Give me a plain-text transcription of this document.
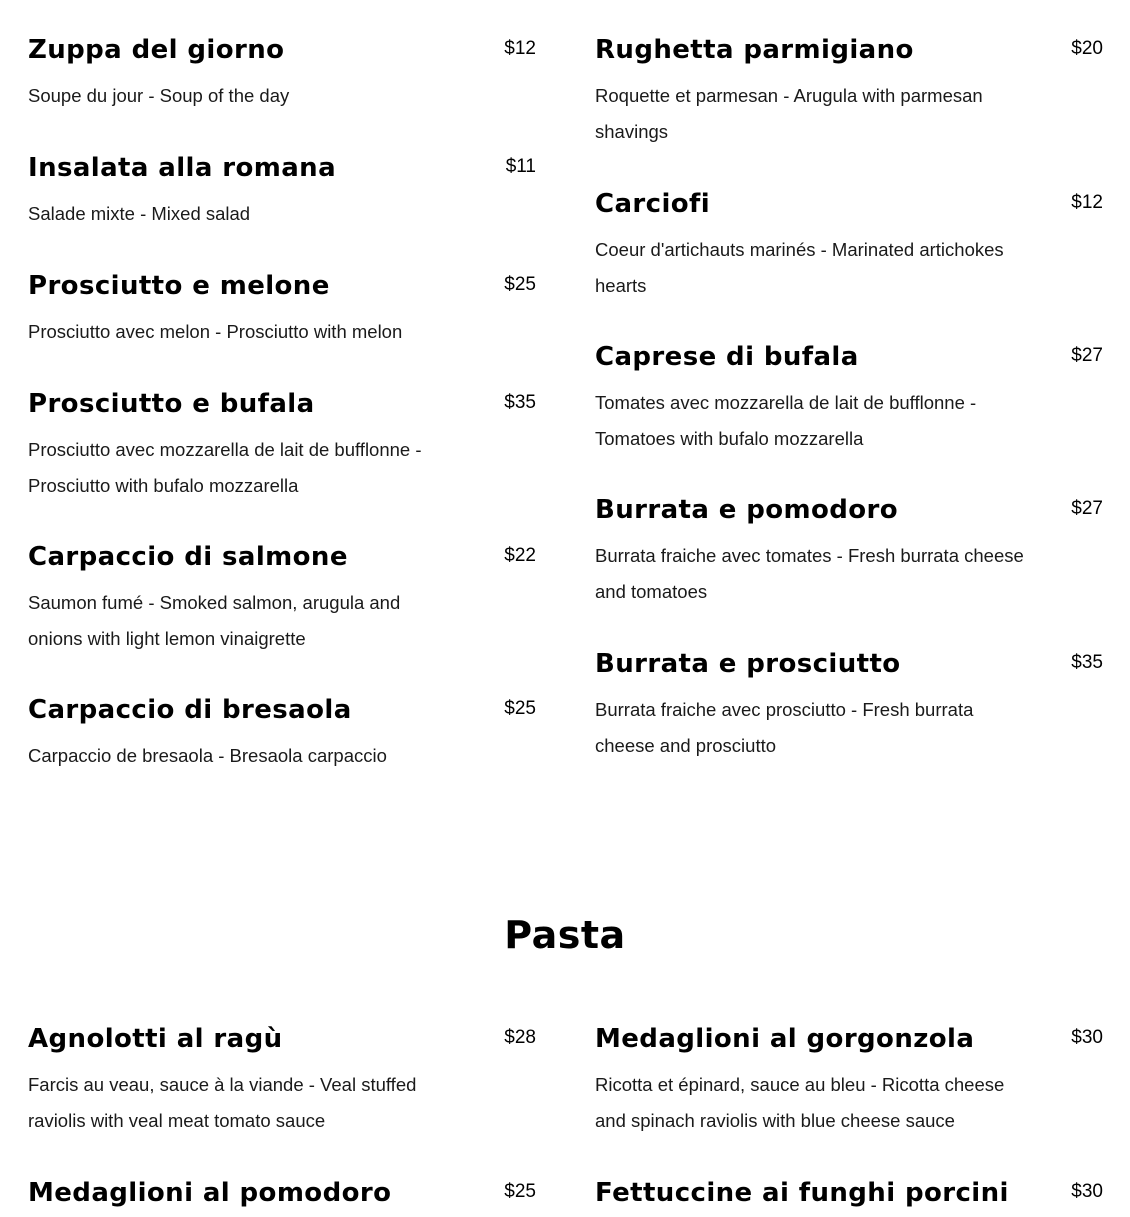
Zuppa del giorno	$12
Soupe du jour - Soup of the day
Insalata alla romana	$11
Salade mixte - Mixed salad
Prosciutto e melone	$25
Prosciutto avec melon - Prosciutto with melon
Prosciutto e bufala	$35
Prosciutto avec mozzarella de lait de bufflonne - Prosciutto with bufalo mozzarella
Carpaccio di salmone	$22
Saumon fumé - Smoked salmon, arugula and onions with light lemon vinaigrette
Carpaccio di bresaola	$25
Carpaccio de bresaola - Bresaola carpaccio
Rughetta parmigiano	$20
Roquette et parmesan - Arugula with parmesan shavings
Carciofi	$12
Coeur d'artichauts marinés - Marinated artichokes hearts
Caprese di bufala	$27
Tomates avec mozzarella de lait de bufflonne - Tomatoes with bufalo mozzarella
Burrata e pomodoro	$27
Burrata fraiche avec tomates - Fresh burrata cheese and tomatoes
Burrata e prosciutto	$35
Burrata fraiche avec prosciutto - Fresh burrata cheese and prosciutto
Pasta
Agnolotti al ragù	$28
Farcis au veau, sauce à la viande - Veal stuffed raviolis with veal meat tomato sauce
Medaglioni al pomodoro	$25
Medaglioni al gorgonzola	$30
Ricotta et épinard, sauce au bleu - Ricotta cheese and spinach raviolis with blue cheese sauce
Fettuccine ai funghi porcini	$30
